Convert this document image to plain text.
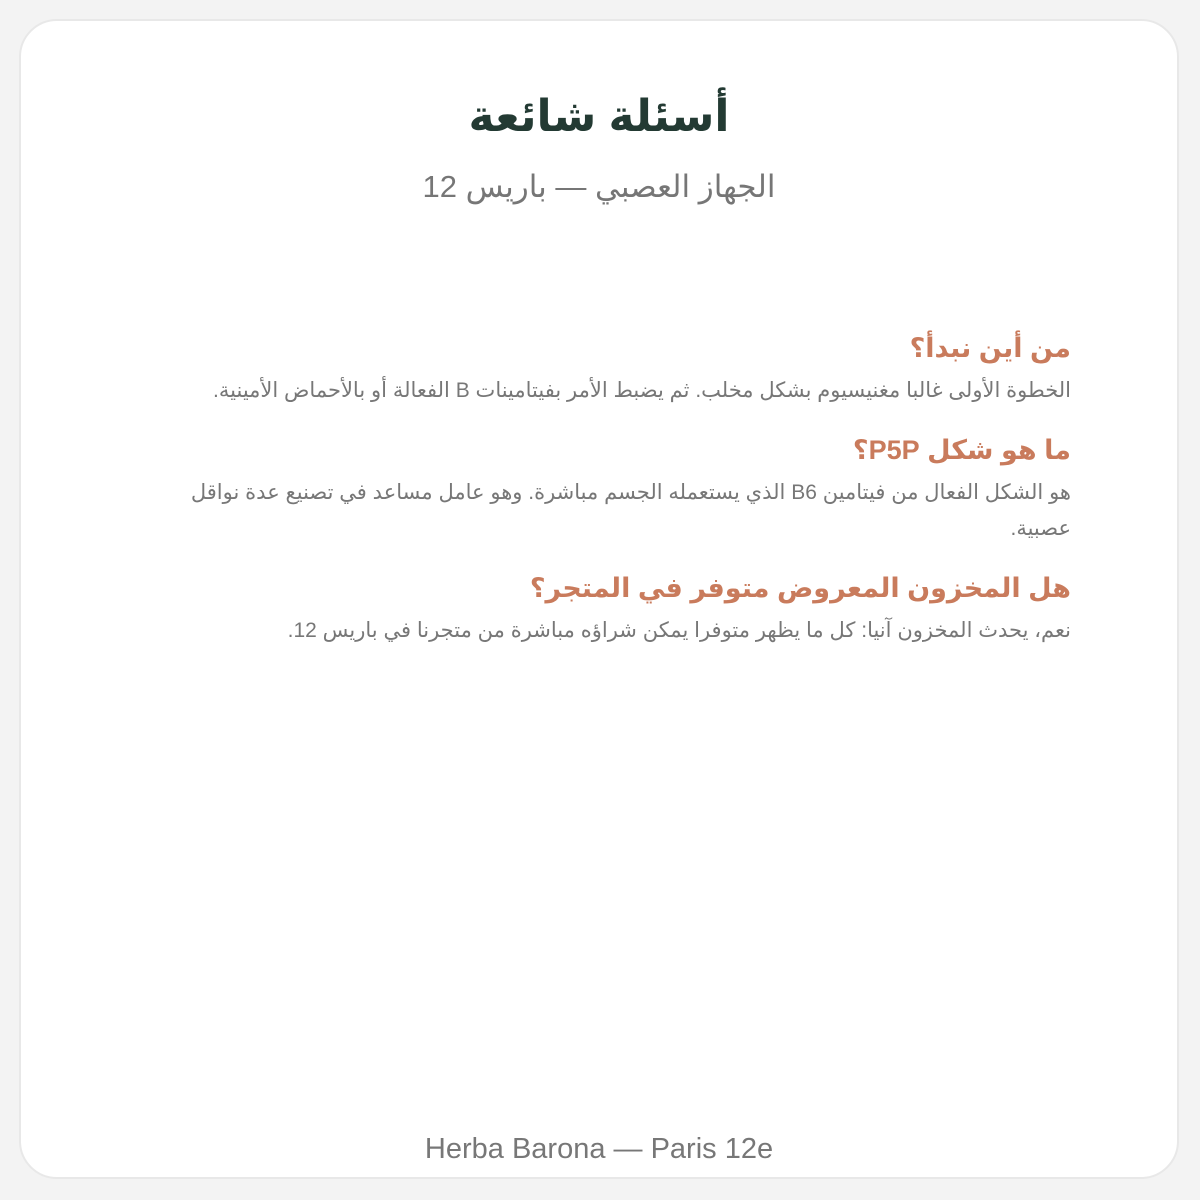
أسئلة شائعة
الجهاز العصبي — باريس 12
من أين نبدأ؟

الخطوة الأولى غالبا مغنيسيوم بشكل مخلب. ثم يضبط الأمر بفيتامينات B الفعالة أو بالأحماض الأمينية.

ما هو شكل P5P؟

هو الشكل الفعال من فيتامين B6 الذي يستعمله الجسم مباشرة. وهو عامل مساعد في تصنيع عدة نواقل عصبية.

هل المخزون المعروض متوفر في المتجر؟

نعم، يحدث المخزون آنيا: كل ما يظهر متوفرا يمكن شراؤه مباشرة من متجرنا في باريس 12.

Herba Barona — Paris 12e
